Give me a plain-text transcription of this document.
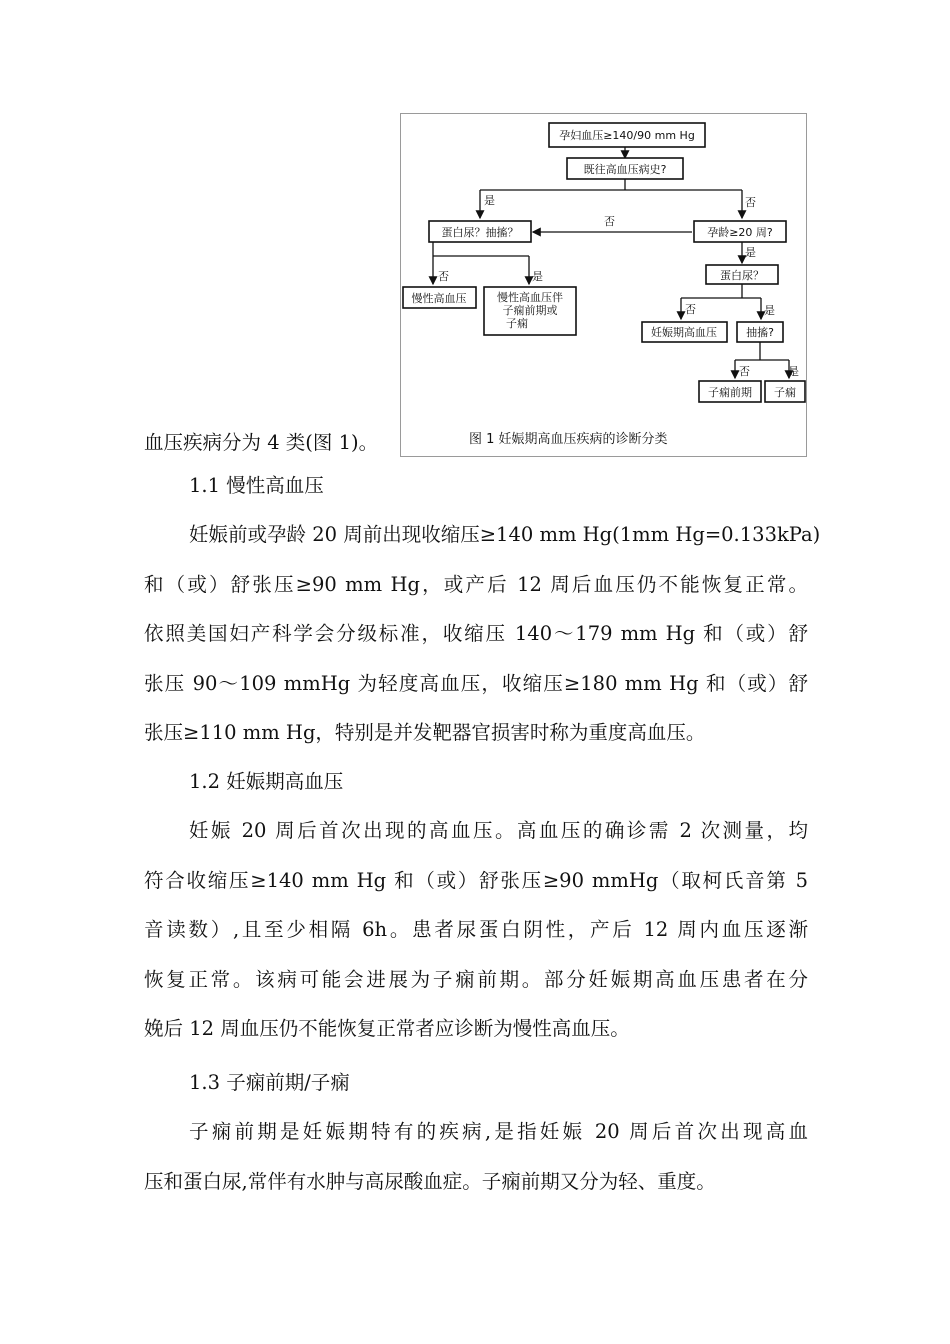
是	否
否
否	是
是
否	是
否	是
孕妇血压≥140/90 mm Hg
既往高血压病史?
蛋白尿？抽搐？	孕龄≥20 周?
慢性高血压	慢性高血压伴
子痫前期或
子痫
蛋白尿？
妊娠期高血压	抽搐?
子痫前期 子痫
图 1 妊娠期高血压疾病的诊断分类
血压疾病分为 4 类(图 1)。
1.1 慢性高血压
妊娠前或孕龄 20 周前出现收缩压≥140 mm Hg(1mm Hg=0.133kPa)
和（或）舒张压≥90 mm Hg，或产后 12 周后血压仍不能恢复正常。
依照美国妇产科学会分级标准，收缩压 140～179 mm Hg 和（或）舒
张压 90～109 mmHg 为轻度高血压，收缩压≥180 mm Hg 和（或）舒
张压≥110 mm Hg，特别是并发靶器官损害时称为重度高血压。
1.2 妊娠期高血压
妊娠 20 周后首次出现的高血压。高血压的确诊需 2 次测量，均
符合收缩压≥140 mm Hg 和（或）舒张压≥90 mmHg（取柯氏音第 5
音读数）,且至少相隔 6h。患者尿蛋白阴性，产后 12 周内血压逐渐
恢复正常。该病可能会进展为子痫前期。部分妊娠期高血压患者在分
娩后 12 周血压仍不能恢复正常者应诊断为慢性高血压。
1.3 子痫前期/子痫
子痫前期是妊娠期特有的疾病,是指妊娠 20 周后首次出现高血
压和蛋白尿,常伴有水肿与高尿酸血症。子痫前期又分为轻、重度。
